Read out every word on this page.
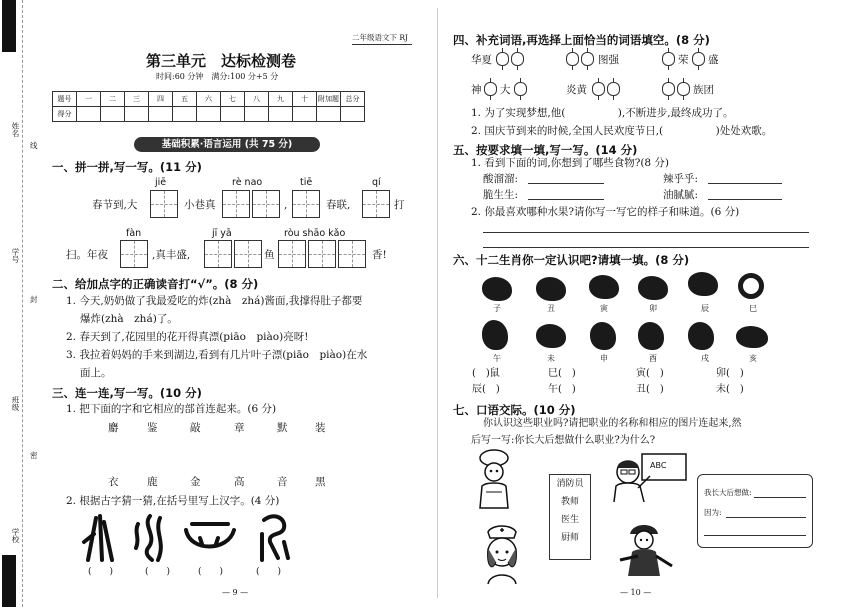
姓名
学号
班级
学校
线
封
密
二年级语文下 RJ
第三单元　达标检测卷
时间:60 分钟　满分:100 分+5 分
题号	一	二	三	四	五	六	七	八	九	十	附加题	总分
得分												
基础积累·语言运用 (共 75 分)
一、拼一拼,写一写。(11 分)
jiē	rè nao	tiē	qí
春节到,大	小巷真	,	春联,	打
fàn	jī yā	ròu shāo kǎo
扫。年夜	,真丰盛,	鱼	香!
二、给加点字的正确读音打“√”。(8 分)
1. 今天,奶奶做了我最爱吃的炸(zhà　zhá)酱面,我撑得肚子都要
爆炸(zhà　zhá)了。
2. 春天到了,花园里的花开得真漂(piāo　piào)亮呀!
3. 我拉着妈妈的手来到湖边,看到有几片叶子漂(piāo　piào)在水
面上。
三、连一连,写一写。(10 分)
1. 把下面的字和它相应的部首连起来。(6 分)
麝	鉴	敲	章	默	装
衣	鹿	金	高	音	黑
2. 根据古字猜一猜,在括号里写上汉字。(4 分)
(　　)	(　　)	(　　)	(　　)
— 9 —
四、补充词语,再选择上面恰当的词语填空。(8 分)
华夏	图强	荣 盛
神 大	炎黄	族团
1. 为了实现梦想,他(　　　　　),不断进步,最终成功了。
2. 国庆节到来的时候,全国人民欢度节日,(　　　　　)处处欢歌。
五、按要求填一填,写一写。(14 分)
1. 看到下面的词,你想到了哪些食物?(8 分)
酸溜溜:	辣乎乎:
脆生生:	油腻腻:
2. 你最喜欢哪种水果?请你写一写它的样子和味道。(6 分)
六、十二生肖你一定认识吧?请填一填。(8 分)
子	丑	寅	卯	辰	巳
午	未	申	酉	戌	亥
(　)鼠	巳(　)	寅(　)	卯(　)
辰(　)	午(　)	丑(　)	未(　)
七、口语交际。(10 分)
你认识这些职业吗?请把职业的名称和相应的图片连起来,然
后写一写:你长大后想做什么职业?为什么?
消防员
教师
医生
厨师
ABC
我长大后想做:
因为:
— 10 —
